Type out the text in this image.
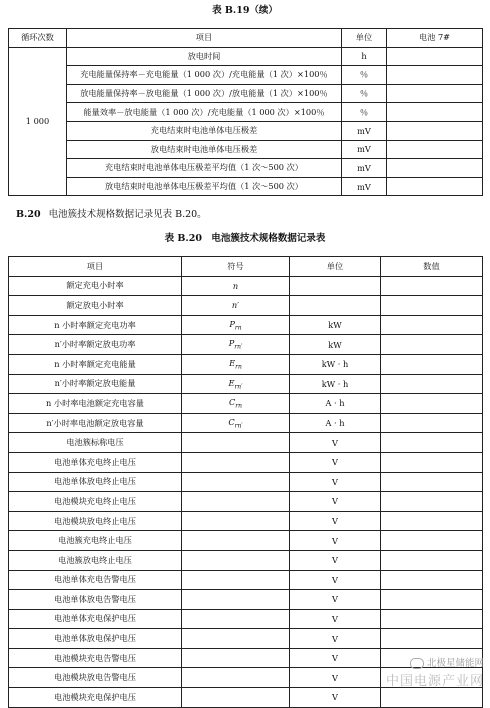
表 B.19（续）
循环次数	项目	单位	电池 7#
1 000	放电时间	h	
	充电能量保持率－充电能量（1 000 次）/充电能量（1 次）×100％	％	
	放电能量保持率－放电能量（1 000 次）/放电能量（1 次）×100％	％	
	能量效率－放电能量（1 000 次）/充电能量（1 000 次）×100％	％	
	充电结束时电池单体电压极差	mV	
	放电结束时电池单体电压极差	mV	
	充电结束时电池单体电压极差平均值（1 次～500 次）	mV	
	放电结束时电池单体电压极差平均值（1 次～500 次）	mV	
B.20 电池簇技术规格数据记录见表 B.20。
表 B.20　电池簇技术规格数据记录表
项目	符号	单位	数值
额定充电小时率	n		
额定放电小时率	n′		
n 小时率额定充电功率	$P_{rn}$	kW	
n′小时率额定放电功率	$P_{rn'}$	kW	
n 小时率额定充电能量	$E_{rn}$	kW · h	
n′小时率额定放电能量	$E_{rn'}$	kW · h	
n 小时率电池额定充电容量	$C_{rn}$	A · h	
n′小时率电池额定放电容量	$C_{rn'}$	A · h	
电池簇标称电压		V	
电池单体充电终止电压		V	
电池单体放电终止电压		V	
电池模块充电终止电压		V	
电池模块放电终止电压		V	
电池簇充电终止电压		V	
电池簇放电终止电压		V	
电池单体充电告警电压		V	
电池单体放电告警电压		V	
电池单体充电保护电压		V	
电池单体放电保护电压		V	
电池模块充电告警电压		V	
电池模块放电告警电压		V	
电池模块充电保护电压		V	
北极星储能网
中国电源产业网
